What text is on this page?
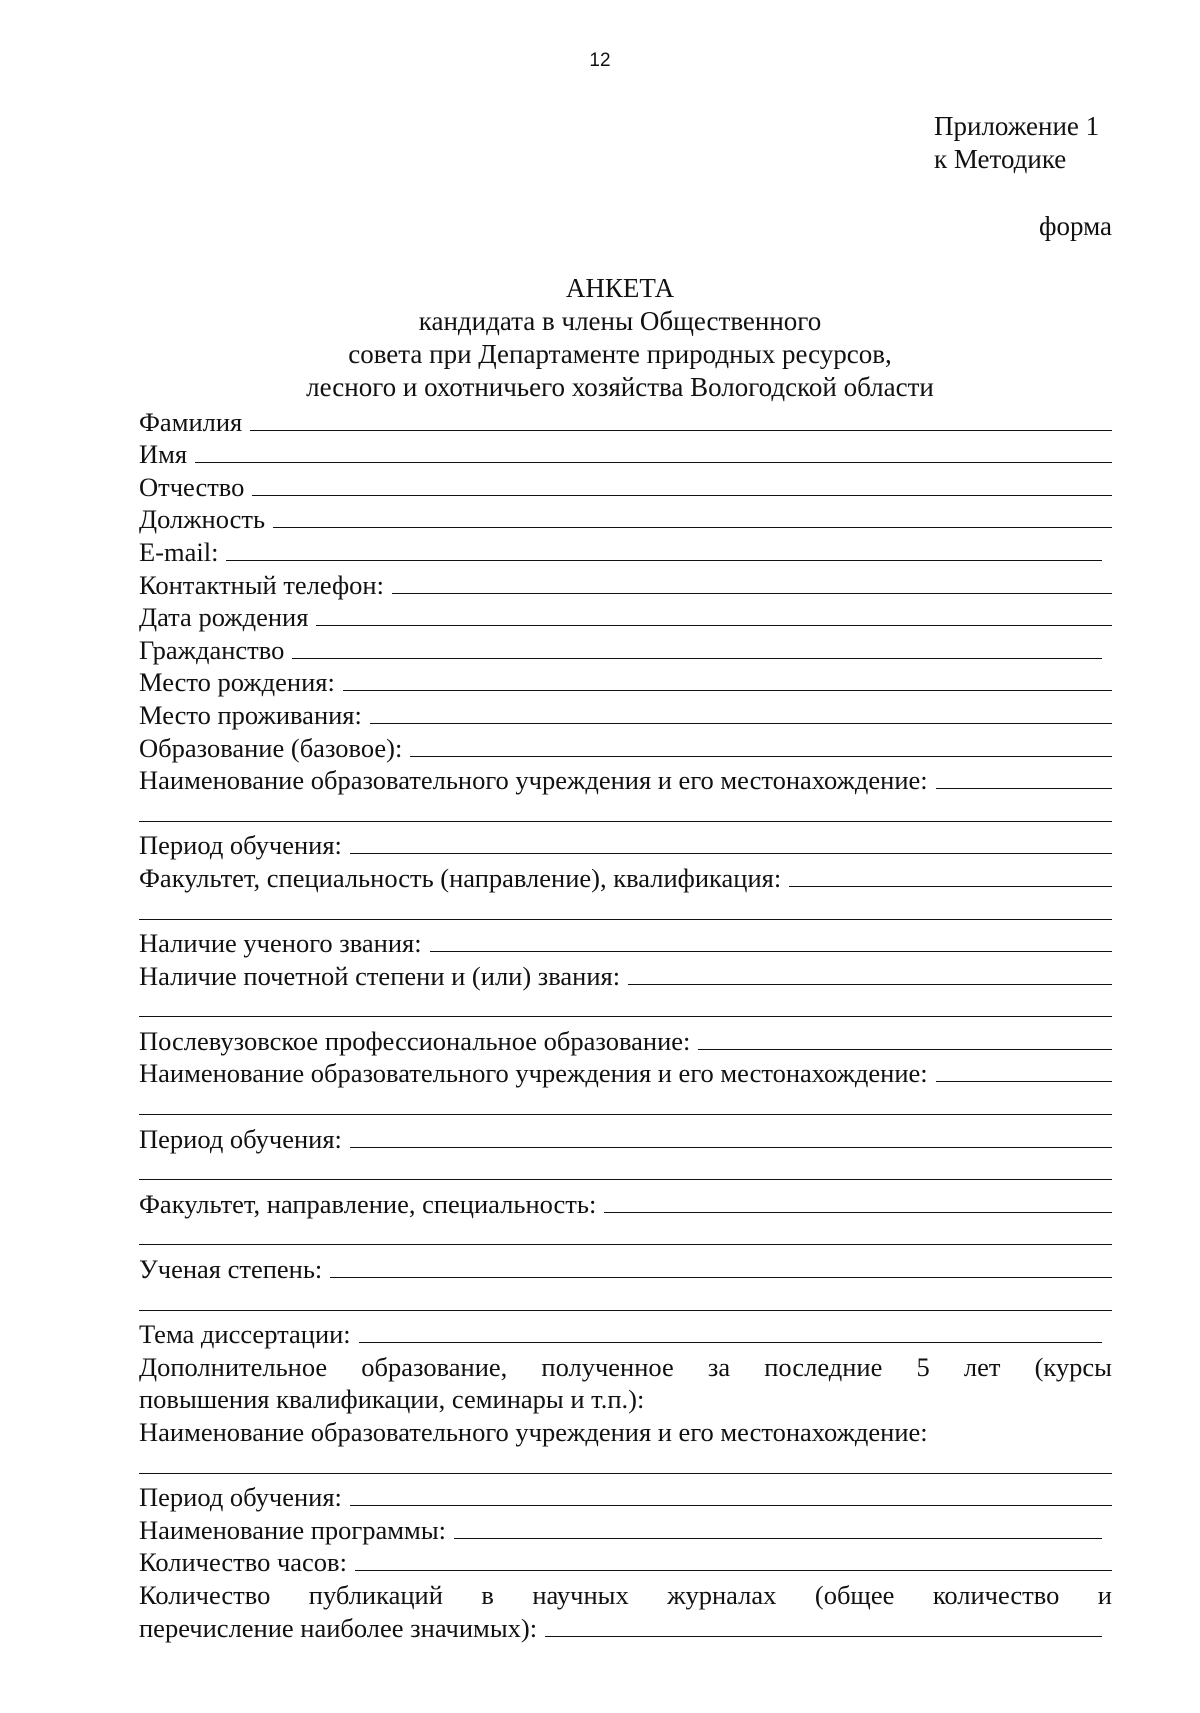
12
Приложение 1
к Методике
форма
АНКЕТА
кандидата в члены Общественного
совета при Департаменте природных ресурсов,
лесного и охотничьего хозяйства Вологодской области
Фамилия
Имя
Отчество
Должность
E-mail:
Контактный телефон:
Дата рождения
Гражданство
Место рождения:
Место проживания:
Образование (базовое):
Наименование образовательного учреждения и его местонахождение:
Период обучения:
Факультет, специальность (направление), квалификация:
Наличие ученого звания:
Наличие почетной степени и (или) звания:
Послевузовское профессиональное образование:
Наименование образовательного учреждения и его местонахождение:
Период обучения:
Факультет, направление, специальность:
Ученая степень:
Тема диссертации:
Дополнительное образование, полученное за последние 5 лет (курсы
повышения квалификации, семинары и т.п.):
Наименование образовательного учреждения и его местонахождение:
Период обучения:
Наименование программы:
Количество часов:
Количество публикаций в научных журналах (общее количество и
перечисление наиболее значимых):
